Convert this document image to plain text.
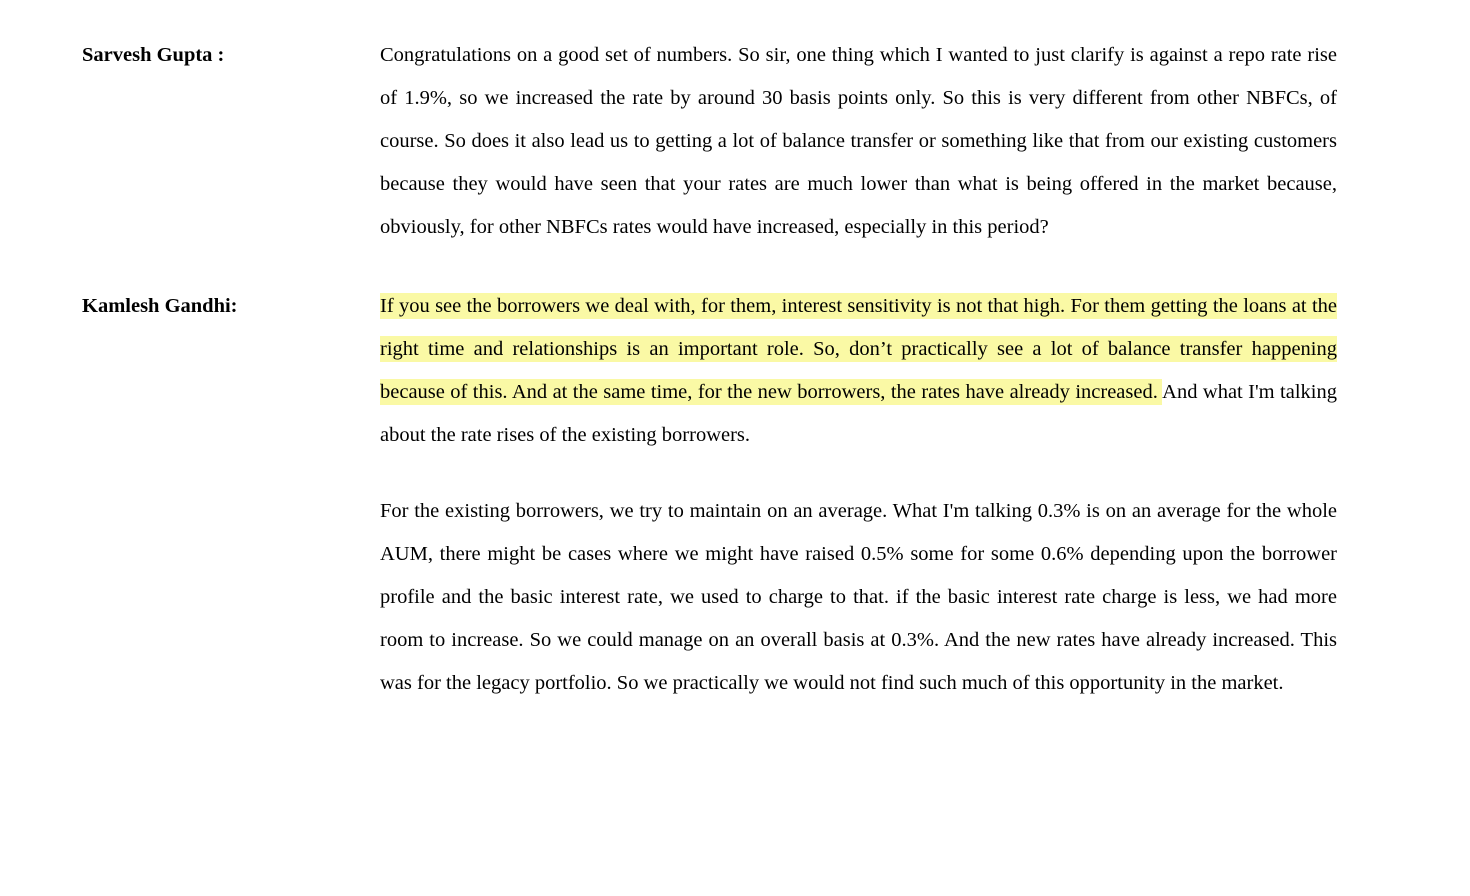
Sarvesh Gupta :	Congratulations on a good set of numbers. So sir, one thing which I wanted to just clarify is against a repo rate rise of 1.9%, so we increased the rate by around 30 basis points only. So this is very different from other NBFCs, of course. So does it also lead us to getting a lot of balance transfer or something like that from our existing customers because they would have seen that your rates are much lower than what is being offered in the market because, obviously, for other NBFCs rates would have increased, especially in this period?

Kamlesh Gandhi:	If you see the borrowers we deal with, for them, interest sensitivity is not that high. For them getting the loans at the right time and relationships is an important role. So, don’t practically see a lot of balance transfer happening because of this. And at the same time, for the new borrowers, the rates have already increased. And what I'm talking about the rate rises of the existing borrowers.

For the existing borrowers, we try to maintain on an average. What I'm talking 0.3% is on an average for the whole AUM, there might be cases where we might have raised 0.5% some for some 0.6% depending upon the borrower profile and the basic interest rate, we used to charge to that. if the basic interest rate charge is less, we had more room to increase. So we could manage on an overall basis at 0.3%. And the new rates have already increased. This was for the legacy portfolio. So we practically we would not find such much of this opportunity in the market.
